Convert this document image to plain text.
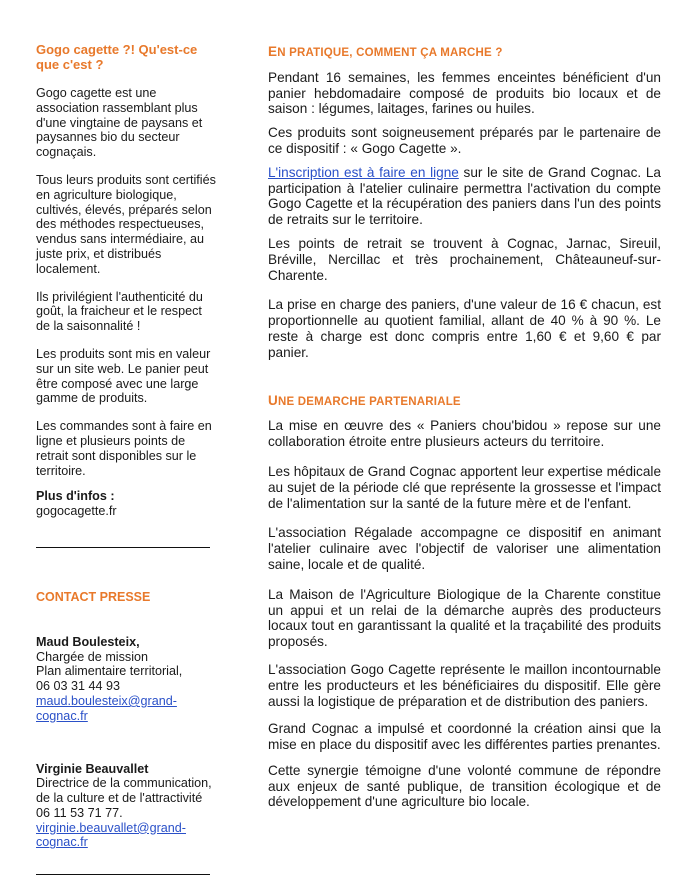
Gogo cagette ?! Qu'est-ce que c'est ?

Gogo cagette est une association rassemblant plus d'une vingtaine de paysans et paysannes bio du secteur cognaçais.

Tous leurs produits sont certifiés en agriculture biologique, cultivés, élevés, préparés selon des méthodes respectueuses, vendus sans intermédiaire, au juste prix, et distribués localement.

Ils privilégient l'authenticité du goût, la fraicheur et le respect de la saisonnalité !

Les produits sont mis en valeur sur un site web. Le panier peut être composé avec une large gamme de produits.

Les commandes sont à faire en ligne et plusieurs points de retrait sont disponibles sur le territoire.

Plus d'infos :
gogocagette.fr

CONTACT PRESSE

Maud Boulesteix,

Chargée de mission

Plan alimentaire territorial,

06 03 31 44 93

maud.boulesteix@grand-

cognac.fr

Virginie Beauvallet

Directrice de la communication,

de la culture et de l'attractivité

06 11 53 71 77.

virginie.beauvallet@grand-

cognac.fr

EN PRATIQUE, COMMENT ÇA MARCHE ?

Pendant 16 semaines, les femmes enceintes bénéficient d'un panier hebdomadaire composé de produits bio locaux et de saison : légumes, laitages, farines ou huiles.

Ces produits sont soigneusement préparés par le partenaire de ce dispositif : « Gogo Cagette ».

L'inscription est à faire en ligne sur le site de Grand Cognac. La participation à l'atelier culinaire permettra l'activation du compte Gogo Cagette et la récupération des paniers dans l'un des points de retraits sur le territoire.

Les points de retrait se trouvent à Cognac, Jarnac, Sireuil, Bréville, Nercillac et très prochainement, Châteauneuf-sur-Charente.

La prise en charge des paniers, d'une valeur de 16 € chacun, est proportionnelle au quotient familial, allant de 40 % à 90 %. Le reste à charge est donc compris entre 1,60 € et 9,60 € par panier.

UNE DEMARCHE PARTENARIALE

La mise en œuvre des « Paniers chou'bidou » repose sur une collaboration étroite entre plusieurs acteurs du territoire.

Les hôpitaux de Grand Cognac apportent leur expertise médicale au sujet de la période clé que représente la grossesse et l'impact de l'alimentation sur la santé de la future mère et de l'enfant.

L'association Régalade accompagne ce dispositif en animant l'atelier culinaire avec l'objectif de valoriser une alimentation saine, locale et de qualité.

La Maison de l'Agriculture Biologique de la Charente constitue un appui et un relai de la démarche auprès des producteurs locaux tout en garantissant la qualité et la traçabilité des produits proposés.

L'association Gogo Cagette représente le maillon incontournable entre les producteurs et les bénéficiaires du dispositif. Elle gère aussi la logistique de préparation et de distribution des paniers.

Grand Cognac a impulsé et coordonné la création ainsi que la mise en place du dispositif avec les différentes parties prenantes.

Cette synergie témoigne d'une volonté commune de répondre aux enjeux de santé publique, de transition écologique et de développement d'une agriculture bio locale.
